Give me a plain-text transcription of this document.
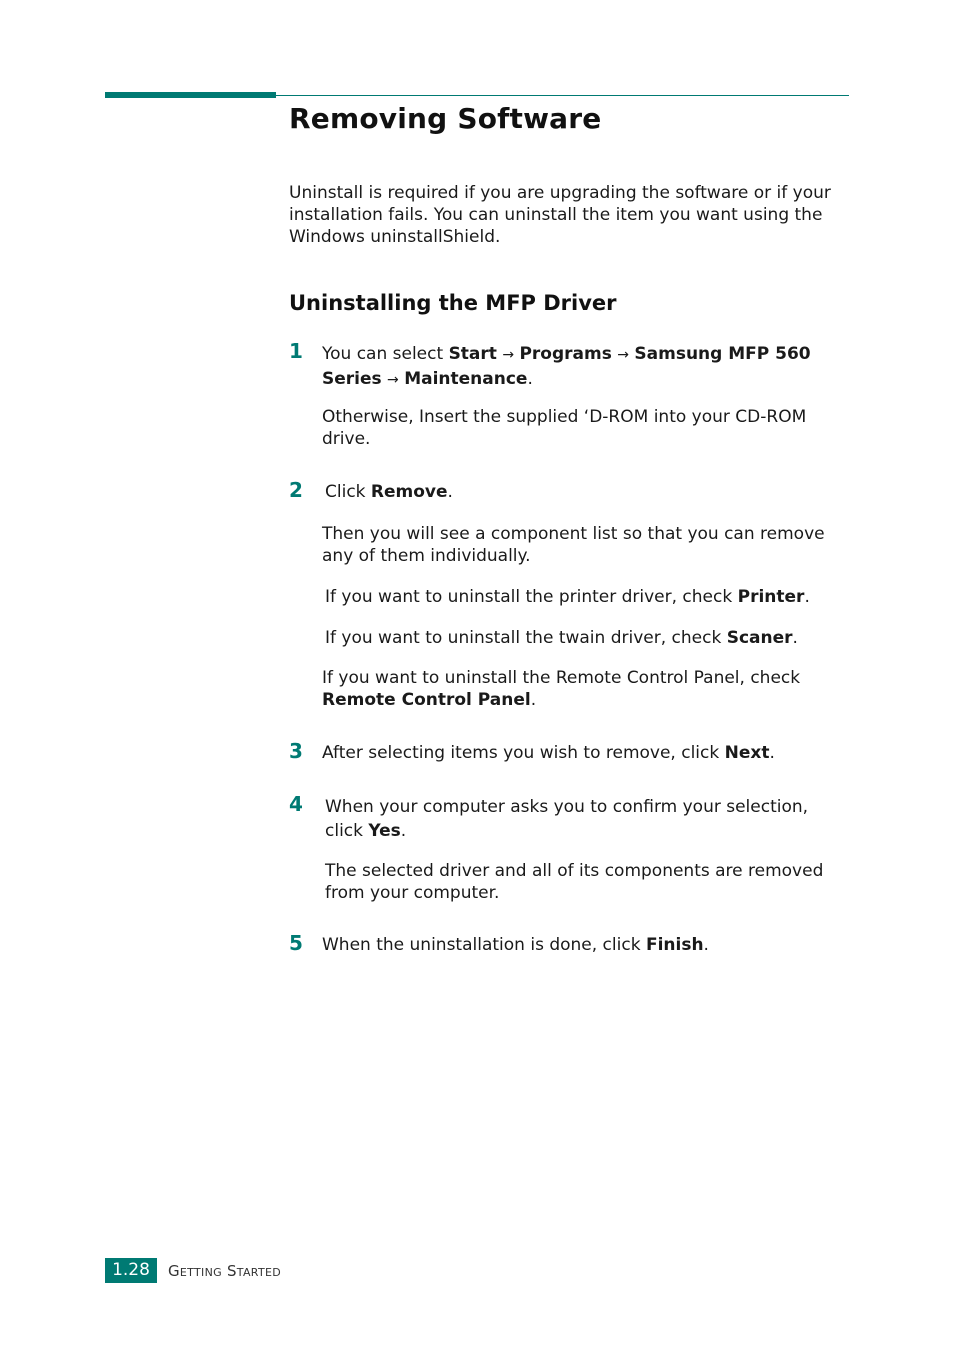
Removing Software

Uninstall is required if you are upgrading the software or if your installation fails. You can uninstall the item you want using the Windows uninstallShield.

Uninstalling the MFP Driver
1 You can select Start → Programs → Samsung MFP 560 Series → Maintenance.

Otherwise, Insert the supplied ‘D-ROM into your CD-ROM drive.

2 Click Remove.

Then you will see a component list so that you can remove any of them individually.

If you want to uninstall the printer driver, check Printer.

If you want to uninstall the twain driver, check Scaner.

If you want to uninstall the Remote Control Panel, check Remote Control Panel.

3 After selecting items you wish to remove, click Next.

4 When your computer asks you to confirm your selection, click Yes.

The selected driver and all of its components are removed from your computer.

5 When the uninstallation is done, click Finish.

1.28	Getting Started
